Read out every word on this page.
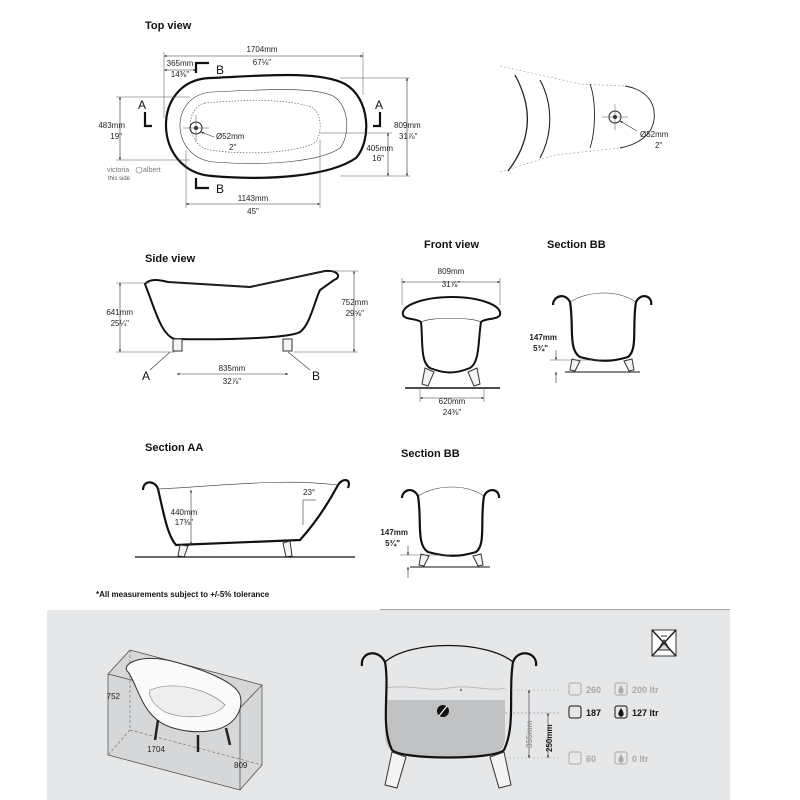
Top view
1704mm
67⅛"
365mm
14⅜" B
B
A	A
Ø52mm
2"
483mm
19"
809mm
31⅞"
405mm
16"
1143mm
45"
victoria albert
this side
Ø52mm
2"
Side view
641mm
25¼"
752mm
29⅝"
835mm
32⅞"
A	B
Front view
809mm
31⅞"
620mm
24⅜"
Section BB
147mm
5¾"
Section AA
440mm
17⅜"
23°
Section BB
147mm
5¾"
*All measurements subject to +/-5% tolerance
752
1704
809
355mm 250mm
260	200 ltr
187	127 ltr
60	0 ltr
